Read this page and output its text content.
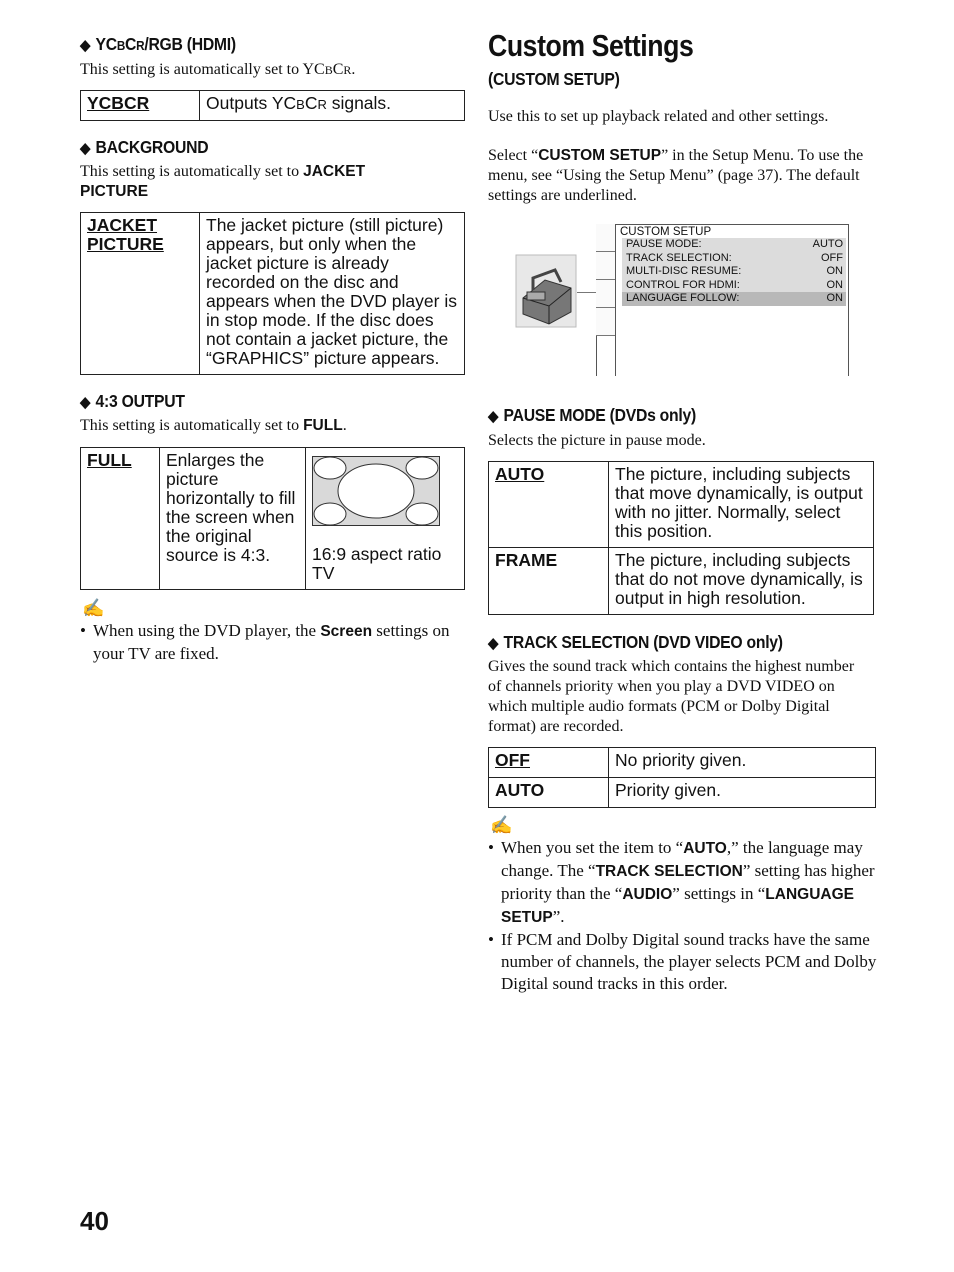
◆ YCBCR/RGB (HDMI)
This setting is automatically set to YCBCR.
YCBCR	Outputs YCBCR signals.
◆ BACKGROUND
This setting is automatically set to JACKET PICTURE
JACKET PICTURE	The jacket picture (still picture) appears, but only when the jacket picture is already recorded on the disc and appears when the DVD player is in stop mode. If the disc does not contain a jacket picture, the “GRAPHICS” picture appears.
◆ 4:3 OUTPUT
This setting is automatically set to FULL.
FULL	Enlarges the picture horizontally to fill the screen when the original source is 4:3.	16:9 aspect ratio TV
✍
• When using the DVD player, the Screen settings on your TV are fixed.
Custom Settings
(CUSTOM SETUP)
Use this to set up playback related and other settings.
Select “CUSTOM SETUP” in the Setup Menu. To use the menu, see “Using the Setup Menu” (page 37). The default settings are underlined.
CUSTOM SETUP
PAUSE MODE:	AUTO
TRACK SELECTION:	OFF
MULTI-DISC RESUME:	ON
CONTROL FOR HDMI:	ON
LANGUAGE FOLLOW:	ON
◆ PAUSE MODE (DVDs only)
Selects the picture in pause mode.
AUTO	The picture, including subjects that move dynamically, is output with no jitter. Normally, select this position.
FRAME	The picture, including subjects that do not move dynamically, is output in high resolution.
◆ TRACK SELECTION (DVD VIDEO only)
Gives the sound track which contains the highest number of channels priority when you play a DVD VIDEO on which multiple audio formats (PCM or Dolby Digital format) are recorded.
OFF	No priority given.
AUTO	Priority given.
✍
• When you set the item to “AUTO,” the language may change. The “TRACK SELECTION” setting has higher priority than the “AUDIO” settings in “LANGUAGE SETUP”.
• If PCM and Dolby Digital sound tracks have the same number of channels, the player selects PCM and Dolby Digital sound tracks in this order.
40
